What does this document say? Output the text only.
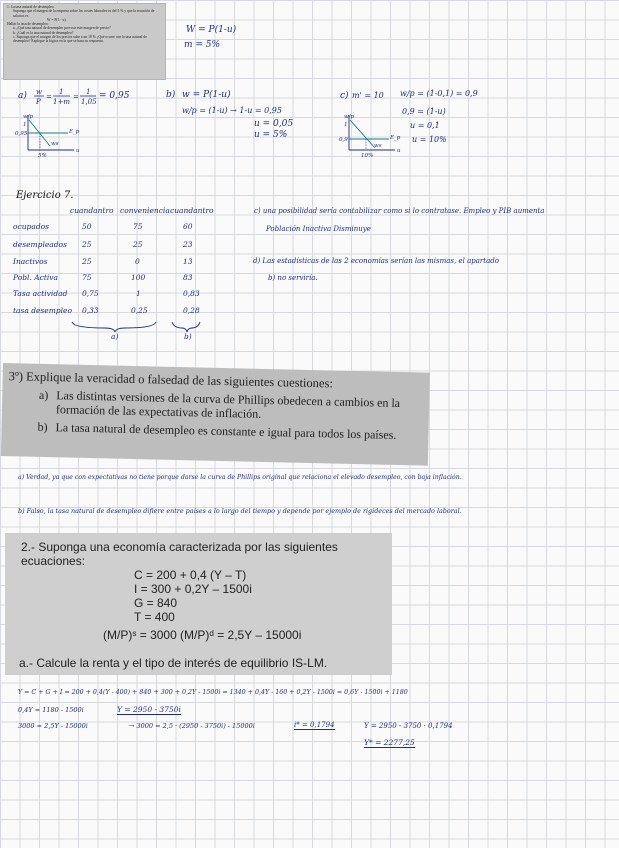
1. La tasa natural de desempleo.
Suponga que el margen de la empresa sobre los costes laborales es del 5 % y que la ecuación de salarios es
W = P(1 - u).
Hallar la tasa de desempleo:
a. ¿Qué tasa natural de desempleo provoca este margen de precio?
b. ¿Cuál es la tasa natural de desempleo?
c. Suponga que el margen de los precios sube a un 10 % ¿Qué ocurre con la tasa natural de desempleo? Explique la lógica en la que se basa su respuesta.
W = P(1-u)
m = 5%
a) w
P
=
1
1+m
=
1
1,05
= 0,95
w/p
1
0,95	E_p
ws
5%
u
b) w = P(1-u)
w/p = (1-u) → 1-u = 0,95
u = 0,05
u = 5%
c) m' = 10 w/p = (1-0,1) = 0,9
0,9 = (1-u)
u = 0,1
u = 10%
w/p
1
0,9	E_p
ws
10%
u
Ejercicio 7.
cuandantro conveniencia cuandantro
ocupados	50	75	60
desempleados 25	25	23
Inactivos	25	0	13
Pobl. Activa	75	100	83
Tasa actividad 0,75	1	0,83
tasa desempleo 0,33	0,25	0,28
a)	b)
c) una posibilidad sería contabilizar como si lo contratase. Empleo y PIB aumenta
Población Inactiva Disminuye
d) Las estadísticas de las 2 economías serían las mismas, el apartado
b) no serviría.
3º) Explique la veracidad o falsedad de las siguientes cuestiones:
a) Las distintas versiones de la curva de Phillips obedecen a cambios en la formación de las expectativas de inflación.
b) La tasa natural de desempleo es constante e igual para todos los países.
a) Verdad, ya que con expectativas no tiene porque darse la curva de Phillips original que relaciona el elevado desempleo, con baja inflación.
b) Falso, la tasa natural de desempleo difiere entre países a lo largo del tiempo y depende por ejemplo de rigideces del mercado laboral.
2.- Suponga una economía caracterizada por las siguientes ecuaciones:
C = 200 + 0,4 (Y – T)
I = 300 + 0,2Y – 1500i
G = 840
T = 400
(M/P)ˢ = 3000 (M/P)ᵈ = 2,5Y – 15000i
a.- Calcule la renta y el tipo de interés de equilibrio IS-LM.
Y = C + G + I = 200 + 0,4(Y - 400) + 840 + 300 + 0,2Y - 1500i = 1340 + 0,4Y - 160 + 0,2Y - 1500i = 0,6Y - 1500i + 1180
0,4Y = 1180 - 1500i	Y = 2950 - 3750i
3000 = 2,5Y - 15000i	→ 3000 = 2,5 · (2950 - 3750i) - 15000i	i* = 0,1794	Y = 2950 - 3750 · 0,1794
Y* = 2277,25
